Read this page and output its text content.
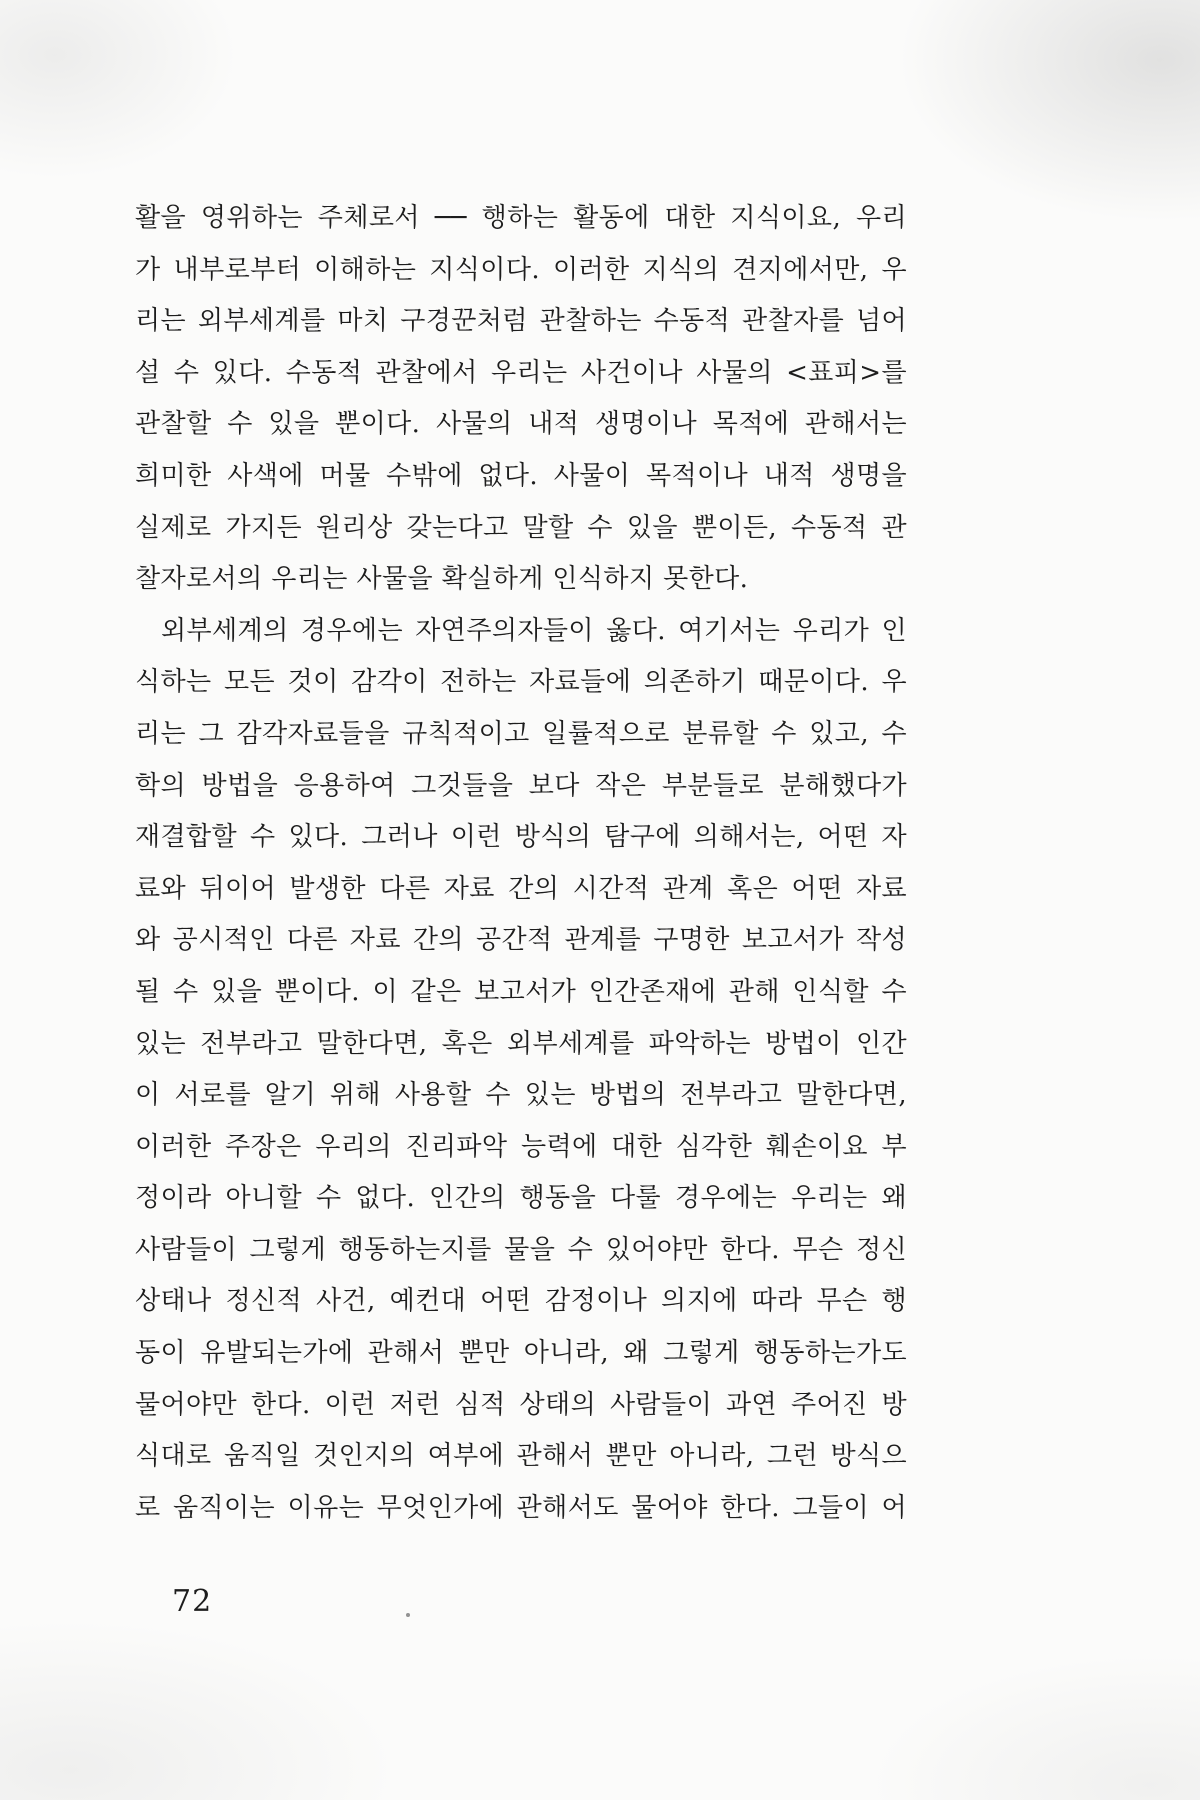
활을 영위하는 주체로서 ── 행하는 활동에 대한 지식이요, 우리
가 내부로부터 이해하는 지식이다. 이러한 지식의 견지에서만, 우
리는 외부세계를 마치 구경꾼처럼 관찰하는 수동적 관찰자를 넘어
설 수 있다. 수동적 관찰에서 우리는 사건이나 사물의 <표피>를
관찰할 수 있을 뿐이다. 사물의 내적 생명이나 목적에 관해서는
희미한 사색에 머물 수밖에 없다. 사물이 목적이나 내적 생명을
실제로 가지든 원리상 갖는다고 말할 수 있을 뿐이든, 수동적 관
찰자로서의 우리는 사물을 확실하게 인식하지 못한다.
외부세계의 경우에는 자연주의자들이 옳다. 여기서는 우리가 인
식하는 모든 것이 감각이 전하는 자료들에 의존하기 때문이다. 우
리는 그 감각자료들을 규칙적이고 일률적으로 분류할 수 있고, 수
학의 방법을 응용하여 그것들을 보다 작은 부분들로 분해했다가
재결합할 수 있다. 그러나 이런 방식의 탐구에 의해서는, 어떤 자
료와 뒤이어 발생한 다른 자료 간의 시간적 관계 혹은 어떤 자료
와 공시적인 다른 자료 간의 공간적 관계를 구명한 보고서가 작성
될 수 있을 뿐이다. 이 같은 보고서가 인간존재에 관해 인식할 수
있는 전부라고 말한다면, 혹은 외부세계를 파악하는 방법이 인간
이 서로를 알기 위해 사용할 수 있는 방법의 전부라고 말한다면,
이러한 주장은 우리의 진리파악 능력에 대한 심각한 훼손이요 부
정이라 아니할 수 없다. 인간의 행동을 다룰 경우에는 우리는 왜
사람들이 그렇게 행동하는지를 물을 수 있어야만 한다. 무슨 정신
상태나 정신적 사건, 예컨대 어떤 감정이나 의지에 따라 무슨 행
동이 유발되는가에 관해서 뿐만 아니라, 왜 그렇게 행동하는가도
물어야만 한다. 이런 저런 심적 상태의 사람들이 과연 주어진 방
식대로 움직일 것인지의 여부에 관해서 뿐만 아니라, 그런 방식으
로 움직이는 이유는 무엇인가에 관해서도 물어야 한다. 그들이 어
72
